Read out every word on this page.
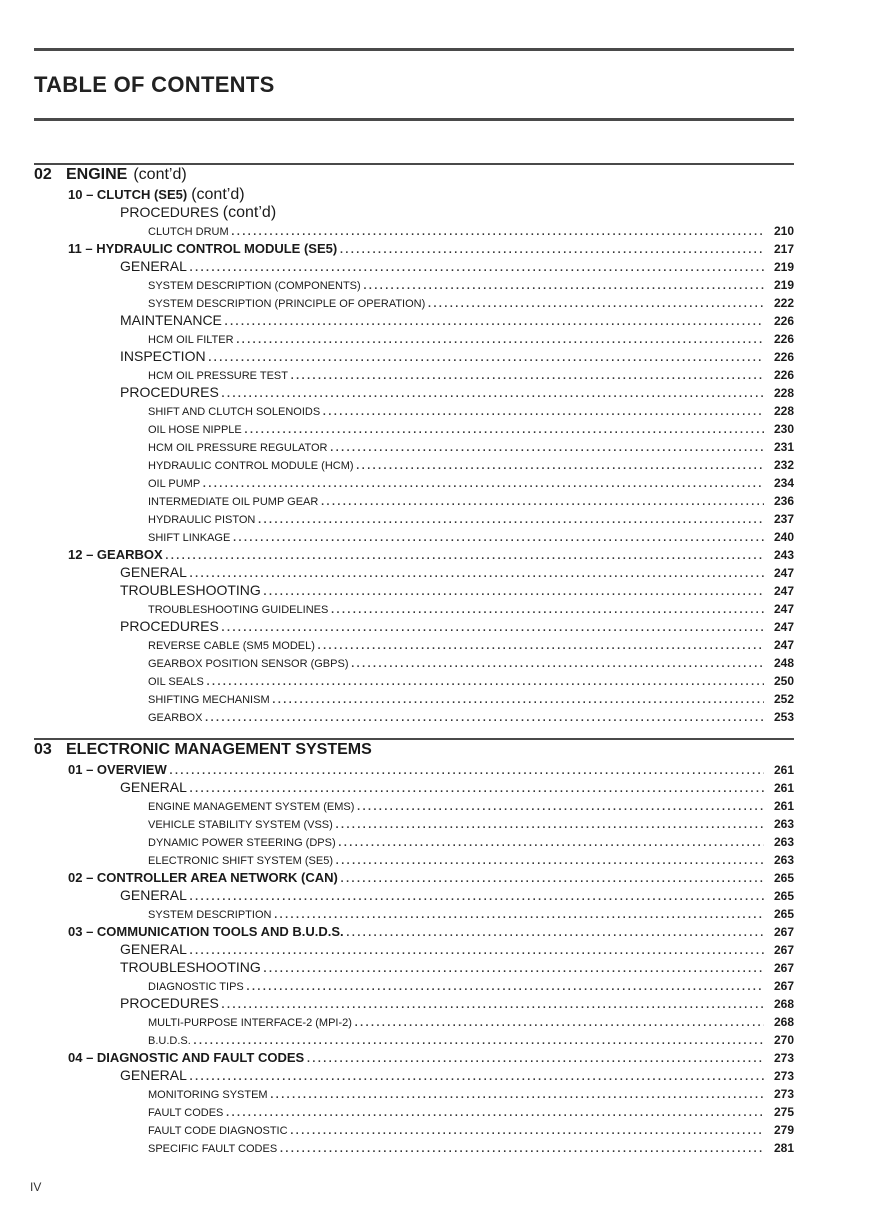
TABLE OF CONTENTS
02 ENGINE (cont’d)
10 – CLUTCH (SE5) (cont’d)
PROCEDURES (cont’d)
CLUTCH DRUM .....	210
11 – HYDRAULIC CONTROL MODULE (SE5) .....	217
GENERAL .....	219
SYSTEM DESCRIPTION (COMPONENTS) .....	219
SYSTEM DESCRIPTION (PRINCIPLE OF OPERATION) .....	222
MAINTENANCE .....	226
HCM OIL FILTER .....	226
INSPECTION .....	226
HCM OIL PRESSURE TEST .....	226
PROCEDURES .....	228
SHIFT AND CLUTCH SOLENOIDS .....	228
OIL HOSE NIPPLE .....	230
HCM OIL PRESSURE REGULATOR .....	231
HYDRAULIC CONTROL MODULE (HCM) .....	232
OIL PUMP .....	234
INTERMEDIATE OIL PUMP GEAR .....	236
HYDRAULIC PISTON .....	237
SHIFT LINKAGE .....	240
12 – GEARBOX .....	243
GENERAL .....	247
TROUBLESHOOTING .....	247
TROUBLESHOOTING GUIDELINES .....	247
PROCEDURES .....	247
REVERSE CABLE (SM5 MODEL) .....	247
GEARBOX POSITION SENSOR (GBPS) .....	248
OIL SEALS .....	250
SHIFTING MECHANISM .....	252
GEARBOX .....	253
03 ELECTRONIC MANAGEMENT SYSTEMS
01 – OVERVIEW .....	261
GENERAL .....	261
ENGINE MANAGEMENT SYSTEM (EMS) .....	261
VEHICLE STABILITY SYSTEM (VSS) .....	263
DYNAMIC POWER STEERING (DPS) .....	263
ELECTRONIC SHIFT SYSTEM (SE5) .....	263
02 – CONTROLLER AREA NETWORK (CAN) .....	265
GENERAL .....	265
SYSTEM DESCRIPTION .....	265
03 – COMMUNICATION TOOLS AND B.U.D.S. .....	267
GENERAL .....	267
TROUBLESHOOTING .....	267
DIAGNOSTIC TIPS .....	267
PROCEDURES .....	268
MULTI-PURPOSE INTERFACE-2 (MPI-2) .....	268
B.U.D.S. .....	270
04 – DIAGNOSTIC AND FAULT CODES .....	273
GENERAL .....	273
MONITORING SYSTEM .....	273
FAULT CODES .....	275
FAULT CODE DIAGNOSTIC .....	279
SPECIFIC FAULT CODES .....	281
IV
